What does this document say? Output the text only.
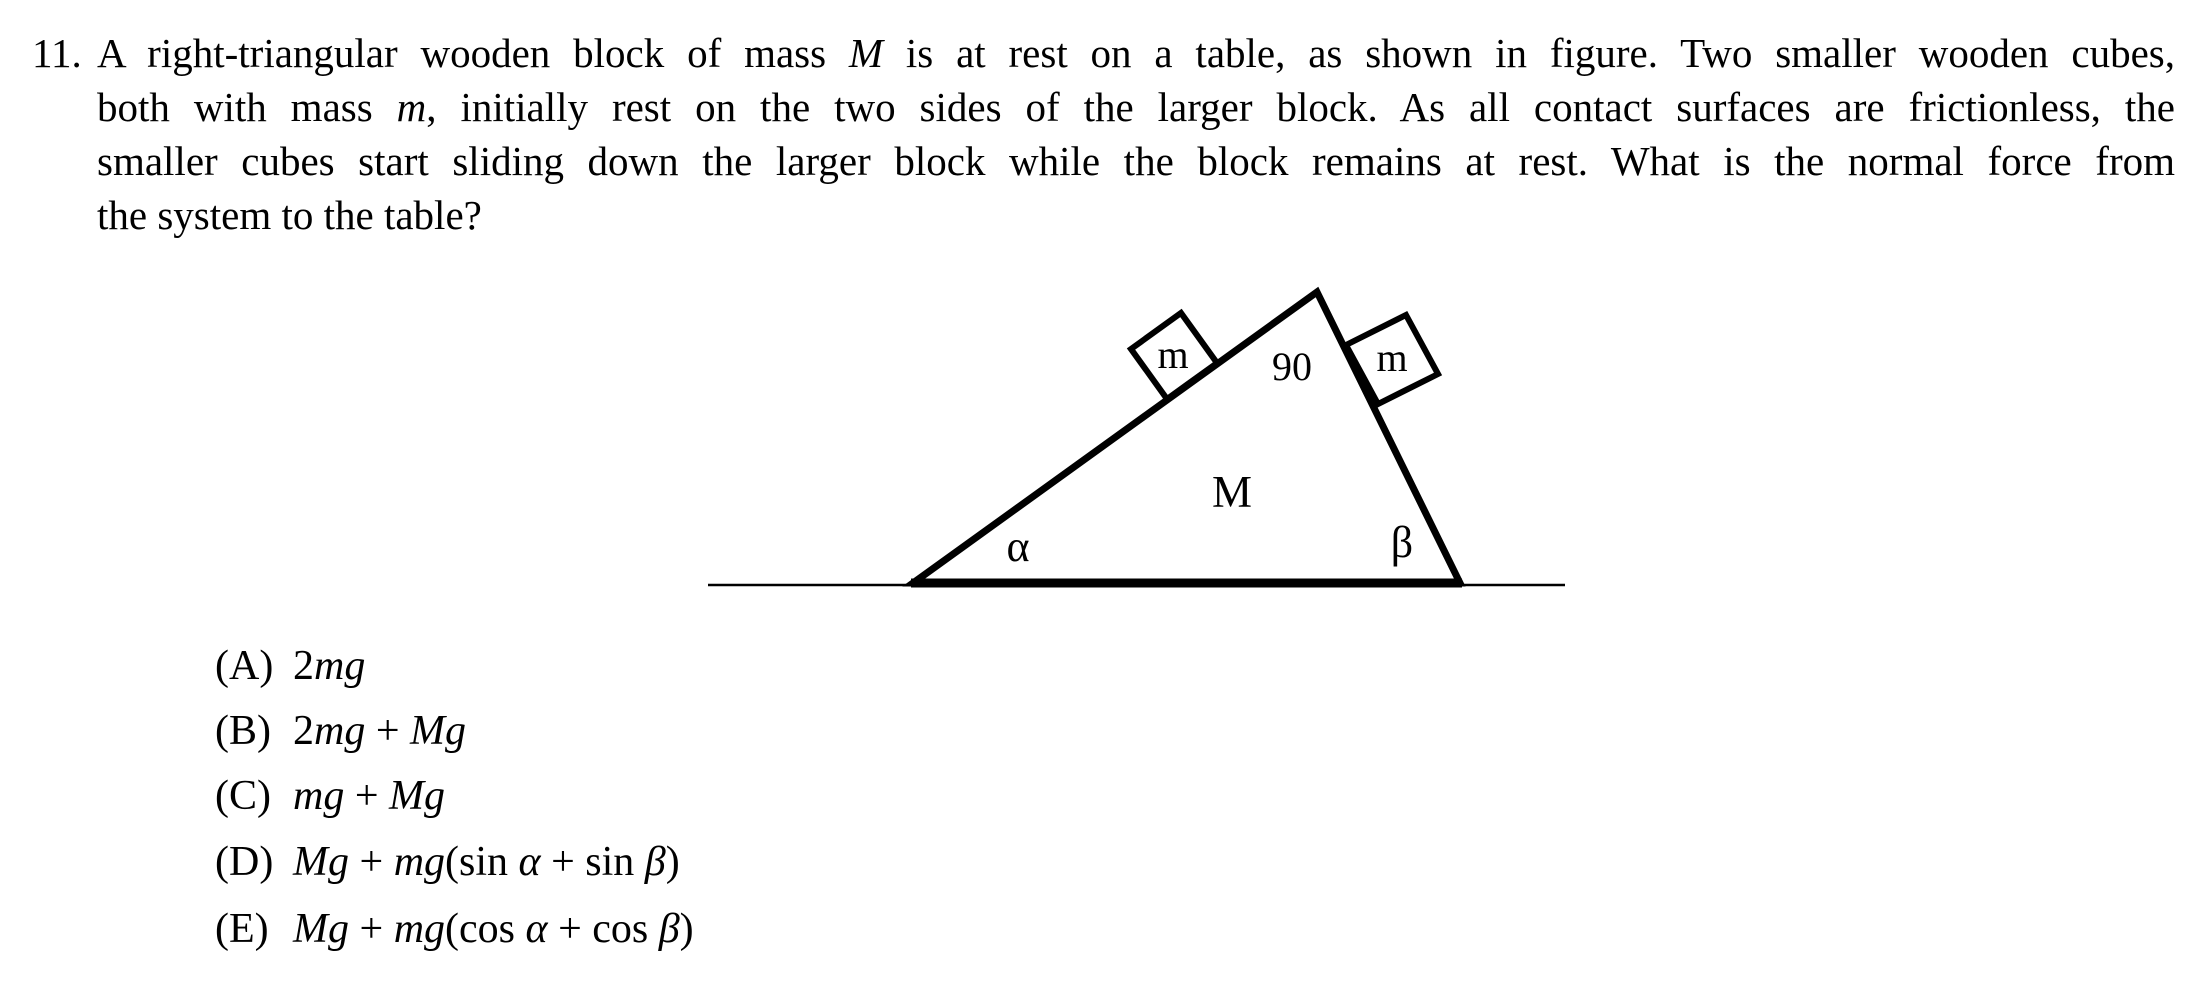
11. A right-triangular wooden block of mass M is at rest on a table, as shown in figure. Two smaller wooden cubes,
both with mass m, initially rest on the two sides of the larger block. As all contact surfaces are frictionless, the
smaller cubes start sliding down the larger block while the block remains at rest. What is the normal force from
the system to the table?
m	m
90
M
α	β
(A) 2mg
(B) 2mg + Mg
(C) mg + Mg
(D) Mg + mg(sin α + sin β)
(E) Mg + mg(cos α + cos β)
